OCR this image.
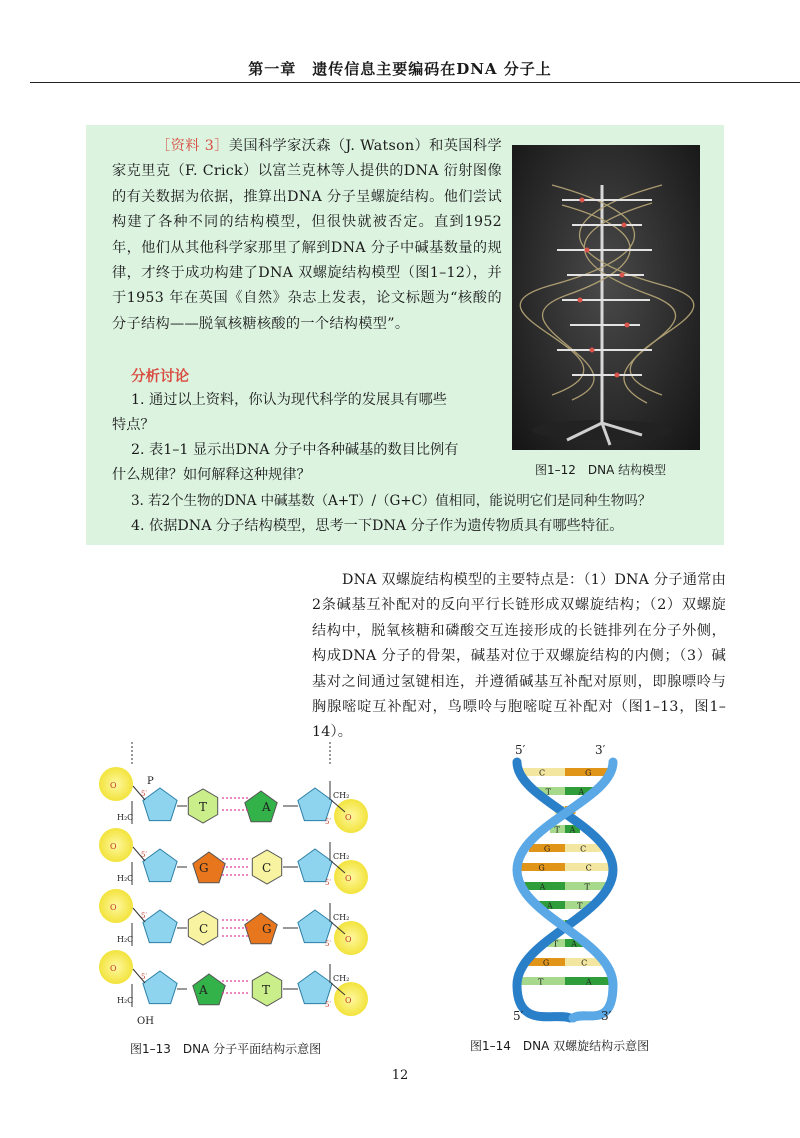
第一章　遗传信息主要编码在DNA 分子上
［资料 3］美国科学家沃森（J. Watson）和英国科学家克里克（F. Crick）以富兰克林等人提供的DNA 衍射图像的有关数据为依据，推算出DNA 分子呈螺旋结构。他们尝试构建了各种不同的结构模型，但很快就被否定。直到1952 年，他们从其他科学家那里了解到DNA 分子中碱基数量的规律，才终于成功构建了DNA 双螺旋结构模型（图1–12），并于1953 年在英国《自然》杂志上发表，论文标题为“核酸的分子结构——脱氧核糖核酸的一个结构模型”。
分析讨论
1. 通过以上资料，你认为现代科学的发展具有哪些
特点？
2. 表1–1 显示出DNA 分子中各种碱基的数目比例有
什么规律？如何解释这种规律？
3. 若2个生物的DNA 中碱基数（A+T）/（G+C）值相同，能说明它们是同种生物吗？
4. 依据DNA 分子结构模型，思考一下DNA 分子作为遗传物质具有哪些特征。
图1–12　DNA 结构模型
DNA 双螺旋结构模型的主要特点是：（1）DNA 分子通常由2条碱基互补配对的反向平行长链形成双螺旋结构；（2）双螺旋结构中，脱氧核糖和磷酸交互连接形成的长链排列在分子外侧，构成DNA 分子的骨架，碱基对位于双螺旋结构的内侧；（3）碱基对之间通过氢键相连，并遵循碱基互补配对原则，即腺嘌呤与胸腺嘧啶互补配对，鸟嘌呤与胞嘧啶互补配对（图1–13，图1–14）。
T	A
O
O
H₂C
CH₂
5′
5′
G	C
O
O
H₂C
CH₂
5′
5′
C	G
O
O
H₂C
CH₂
5′
5′
A	T
O
O
H₂C
CH₂
5′
5′
P
OH
图1–13　DNA 分子平面结构示意图
5′	3′
C	G
T	A
C G
T A
G	C
G	C
A	T
A	T
T A
T A
G	C
T	A
5′	3′
图1–14　DNA 双螺旋结构示意图
12
